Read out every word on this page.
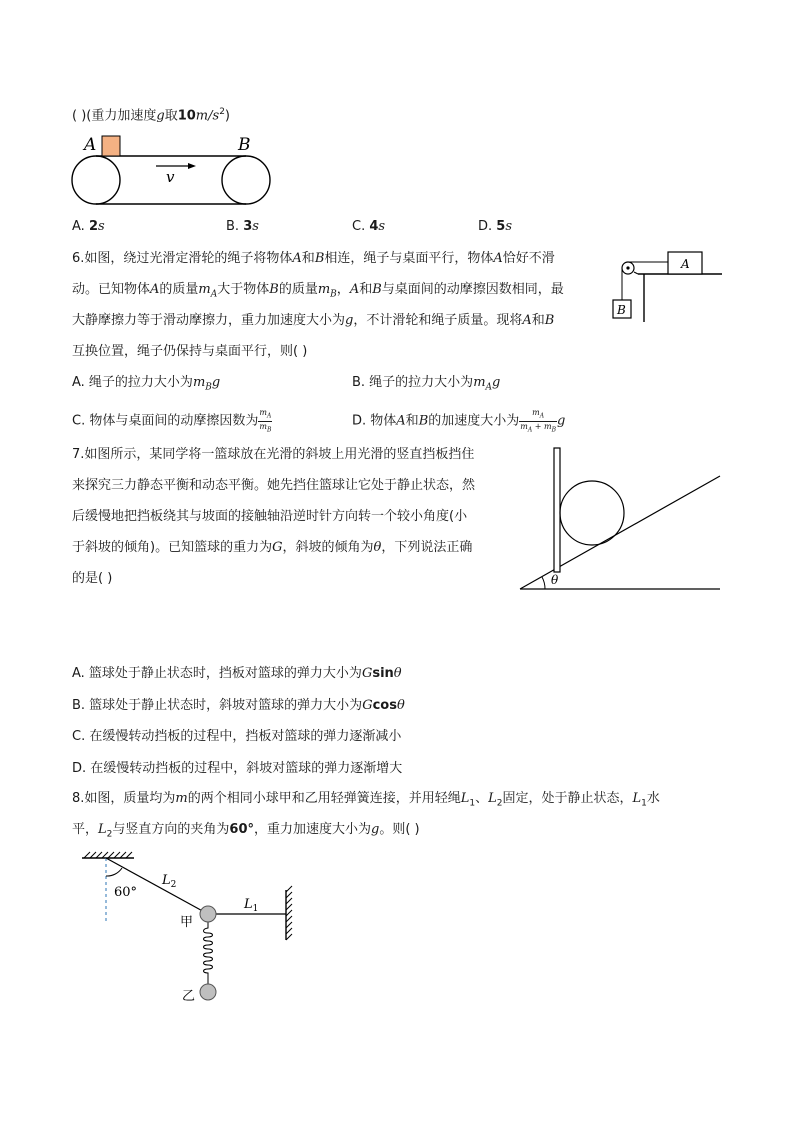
( )(重力加速度g取$10m/s^2$)
A	B
v
A. 2s	B. 3s	C. 4s	D. 5s
6.如图，绕过光滑定滑轮的绳子将物体A和B相连，绳子与桌面平行，物体A恰好不滑
动。已知物体A的质量$m_A$大于物体B的质量$m_B$，A和B与桌面间的动摩擦因数相同，最
大静摩擦力等于滑动摩擦力，重力加速度大小为g，不计滑轮和绳子质量。现将A和B
互换位置，绳子仍保持与桌面平行，则( )
A
B
A. 绳子的拉力大小为$m_Bg$	B. 绳子的拉力大小为$m_Ag$
C. 物体与桌面间的动摩擦因数为 $\frac{m_A}{m_B}$	D. 物体A和B的加速度大小为 $\frac{m_A}{m_A + m_B}$ g
7.如图所示，某同学将一篮球放在光滑的斜坡上用光滑的竖直挡板挡住
来探究三力静态平衡和动态平衡。她先挡住篮球让它处于静止状态，然
后缓慢地把挡板绕其与坡面的接触轴沿逆时针方向转一个较小角度(小
于斜坡的倾角)。已知篮球的重力为G，斜坡的倾角为θ，下列说法正确
的是( )	θ
A. 篮球处于静止状态时，挡板对篮球的弹力大小为Gsinθ
B. 篮球处于静止状态时，斜坡对篮球的弹力大小为Gcosθ
C. 在缓慢转动挡板的过程中，挡板对篮球的弹力逐渐减小
D. 在缓慢转动挡板的过程中，斜坡对篮球的弹力逐渐增大
8.如图，质量均为m的两个相同小球甲和乙用轻弹簧连接，并用轻绳$L_1$、$L_2$固定，处于静止状态，$L_1$水
平，$L_2$与竖直方向的夹角为60°，重力加速度大小为g。则( )
60°
$L_2$
$L_1$
甲
乙
